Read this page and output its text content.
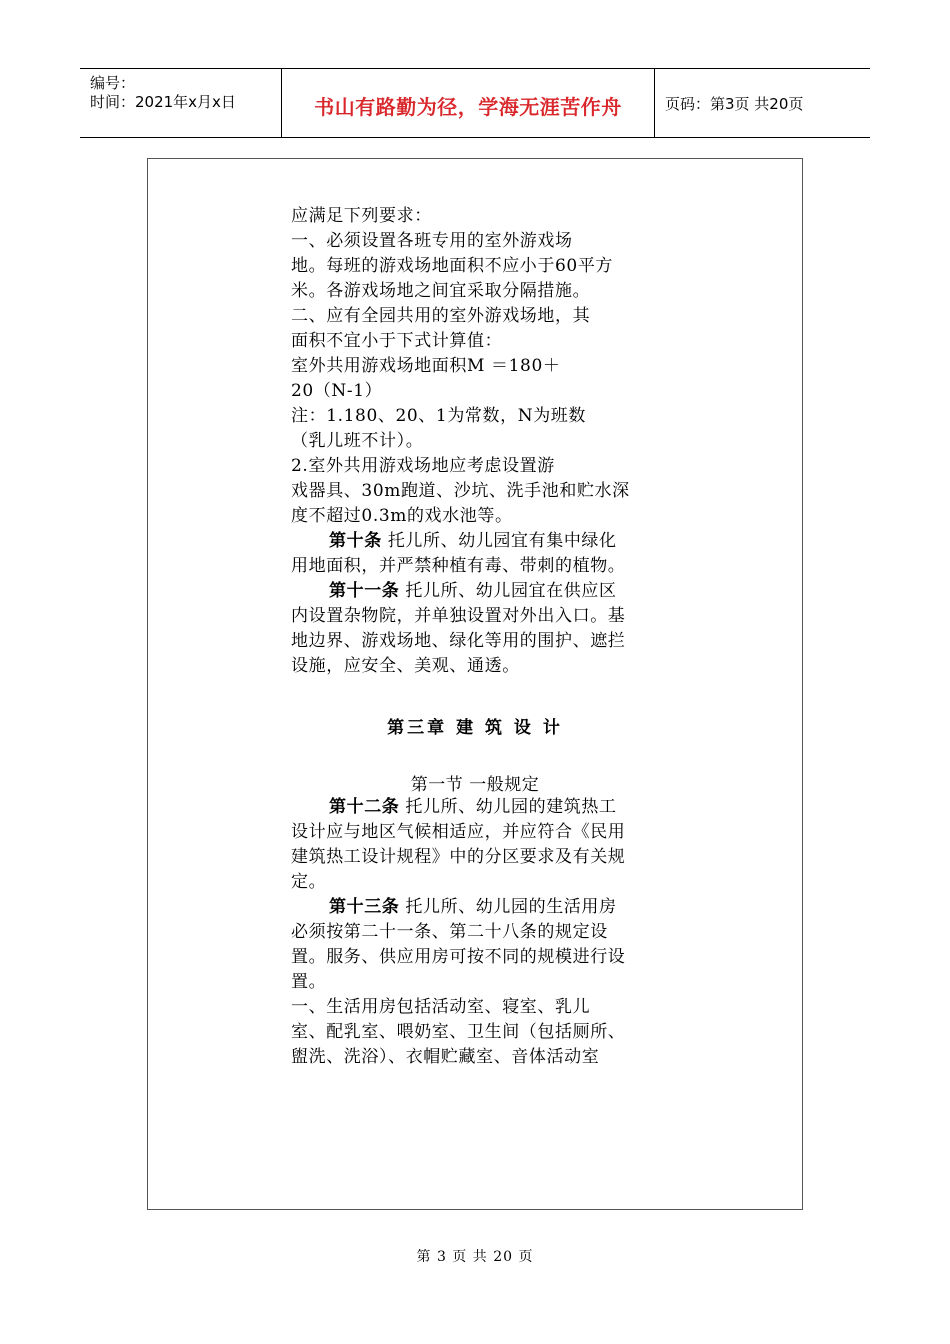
编号：
时间：2021年x月x日	书山有路勤为径，学海无涯苦作舟	页码：第3页 共20页
应满足下列要求：
一、必须设置各班专用的室外游戏场
地。每班的游戏场地面积不应小于60平方
米。各游戏场地之间宜采取分隔措施。
二、应有全园共用的室外游戏场地，其
面积不宜小于下式计算值：
室外共用游戏场地面积M ＝180＋
20（N-1）
注：1.180、20、1为常数，N为班数
（乳儿班不计）。
2.室外共用游戏场地应考虑设置游
戏器具、30m跑道、沙坑、洗手池和贮水深
度不超过0.3m的戏水池等。
第十条 托儿所、幼儿园宜有集中绿化
用地面积，并严禁种植有毒、带刺的植物。
第十一条 托儿所、幼儿园宜在供应区
内设置杂物院，并单独设置对外出入口。基
地边界、游戏场地、绿化等用的围护、遮拦
设施，应安全、美观、通透。
第三章 建 筑 设 计
第一节 一般规定
第十二条 托儿所、幼儿园的建筑热工
设计应与地区气候相适应，并应符合《民用
建筑热工设计规程》中的分区要求及有关规
定。
第十三条 托儿所、幼儿园的生活用房
必须按第二十一条、第二十八条的规定设
置。服务、供应用房可按不同的规模进行设
置。
一、生活用房包括活动室、寝室、乳儿
室、配乳室、喂奶室、卫生间（包括厕所、
盥洗、洗浴）、衣帽贮藏室、音体活动室
第 3 页 共 20 页
